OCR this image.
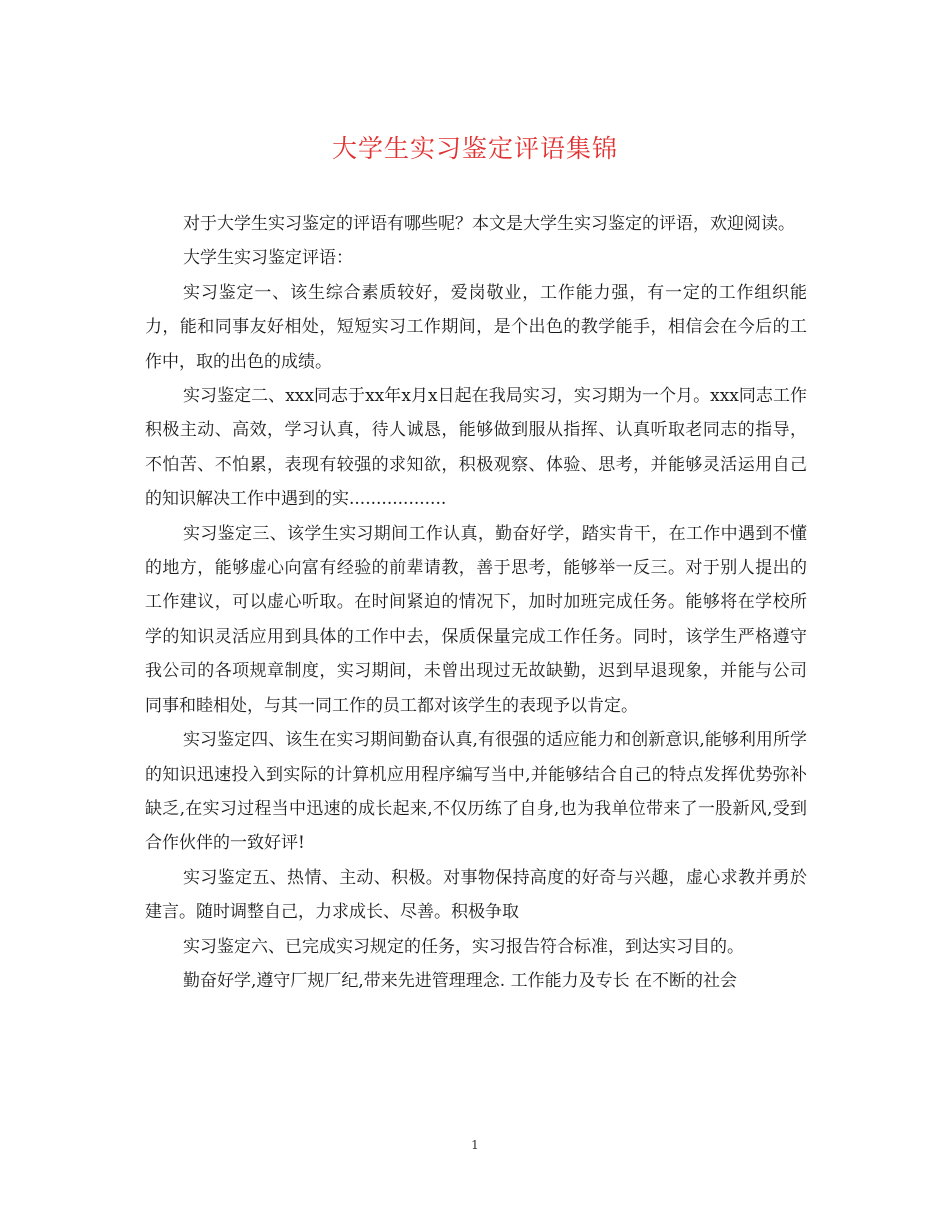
大学生实习鉴定评语集锦

对于大学生实习鉴定的评语有哪些呢？本文是大学生实习鉴定的评语，欢迎阅读。

大学生实习鉴定评语：

实习鉴定一、该生综合素质较好，爱岗敬业，工作能力强，有一定的工作组织能力，能和同事友好相处，短短实习工作期间，是个出色的教学能手，相信会在今后的工作中，取的出色的成绩。

实习鉴定二、xxx同志于xx年x月x日起在我局实习，实习期为一个月。xxx同志工作积极主动、高效，学习认真，待人诚恳，能够做到服从指挥、认真听取老同志的指导，不怕苦、不怕累，表现有较强的求知欲，积极观察、体验、思考，并能够灵活运用自己的知识解决工作中遇到的实..................

实习鉴定三、该学生实习期间工作认真，勤奋好学，踏实肯干，在工作中遇到不懂的地方，能够虚心向富有经验的前辈请教，善于思考，能够举一反三。对于别人提出的工作建议，可以虚心听取。在时间紧迫的情况下，加时加班完成任务。能够将在学校所学的知识灵活应用到具体的工作中去，保质保量完成工作任务。同时，该学生严格遵守我公司的各项规章制度，实习期间，未曾出现过无故缺勤，迟到早退现象，并能与公司同事和睦相处，与其一同工作的员工都对该学生的表现予以肯定。

实习鉴定四、该生在实习期间勤奋认真,有很强的适应能力和创新意识,能够利用所学的知识迅速投入到实际的计算机应用程序编写当中,并能够结合自己的特点发挥优势弥补缺乏,在实习过程当中迅速的成长起来,不仅历练了自身,也为我单位带来了一股新风,受到合作伙伴的一致好评!

实习鉴定五、热情、主动、积极。对事物保持高度的好奇与兴趣，虚心求教并勇於建言。随时调整自己，力求成长、尽善。积极争取

实习鉴定六、已完成实习规定的任务，实习报告符合标准，到达实习目的。

勤奋好学,遵守厂规厂纪,带来先进管理理念. 工作能力及专长 在不断的社会

1
